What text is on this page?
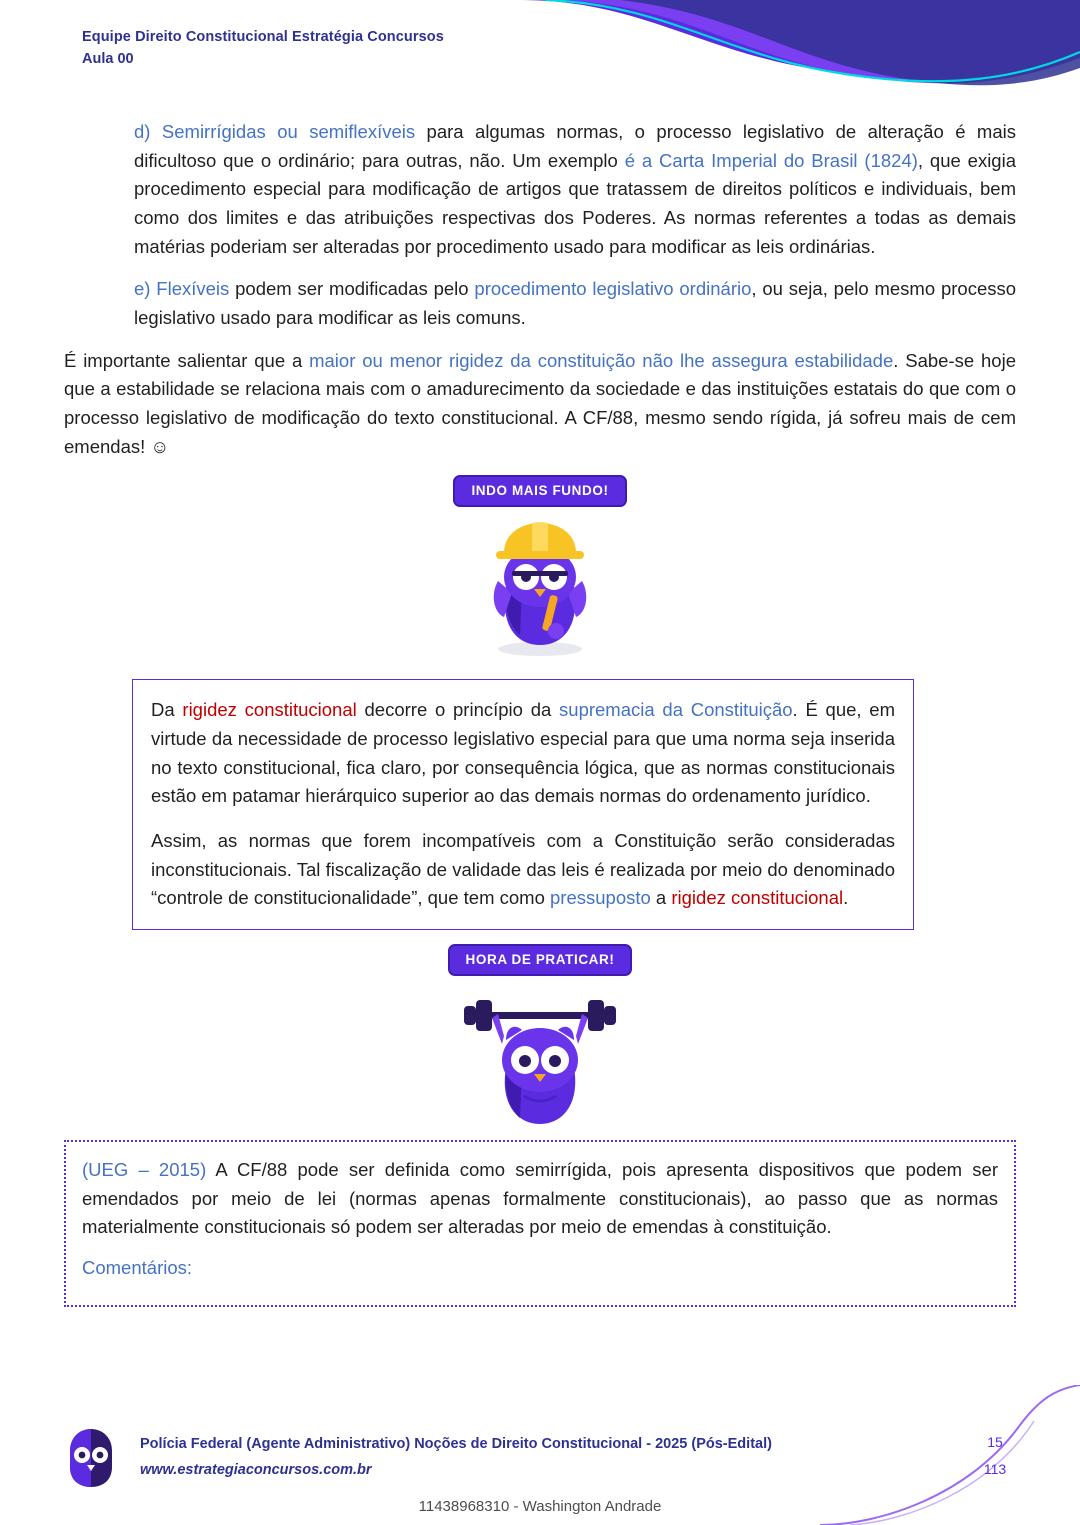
Equipe Direito Constitucional Estratégia Concursos
Aula 00

d) Semirrígidas ou semiflexíveis para algumas normas, o processo legislativo de alteração é mais dificultoso que o ordinário; para outras, não. Um exemplo é a Carta Imperial do Brasil (1824), que exigia procedimento especial para modificação de artigos que tratassem de direitos políticos e individuais, bem como dos limites e das atribuições respectivas dos Poderes. As normas referentes a todas as demais matérias poderiam ser alteradas por procedimento usado para modificar as leis ordinárias.

e) Flexíveis podem ser modificadas pelo procedimento legislativo ordinário, ou seja, pelo mesmo processo legislativo usado para modificar as leis comuns.

É importante salientar que a maior ou menor rigidez da constituição não lhe assegura estabilidade. Sabe-se hoje que a estabilidade se relaciona mais com o amadurecimento da sociedade e das instituições estatais do que com o processo legislativo de modificação do texto constitucional. A CF/88, mesmo sendo rígida, já sofreu mais de cem emendas! ☺

INDO MAIS FUNDO!

Da rigidez constitucional decorre o princípio da supremacia da Constituição. É que, em virtude da necessidade de processo legislativo especial para que uma norma seja inserida no texto constitucional, fica claro, por consequência lógica, que as normas constitucionais estão em patamar hierárquico superior ao das demais normas do ordenamento jurídico.

Assim, as normas que forem incompatíveis com a Constituição serão consideradas inconstitucionais. Tal fiscalização de validade das leis é realizada por meio do denominado “controle de constitucionalidade”, que tem como pressuposto a rigidez constitucional.

HORA DE PRATICAR!

(UEG – 2015) A CF/88 pode ser definida como semirrígida, pois apresenta dispositivos que podem ser emendados por meio de lei (normas apenas formalmente constitucionais), ao passo que as normas materialmente constitucionais só podem ser alteradas por meio de emendas à constituição.

Comentários:

Polícia Federal (Agente Administrativo) Noções de Direito Constitucional - 2025 (Pós-Edital)
www.estrategiaconcursos.com.br
15
113
11438968310 - Washington Andrade
